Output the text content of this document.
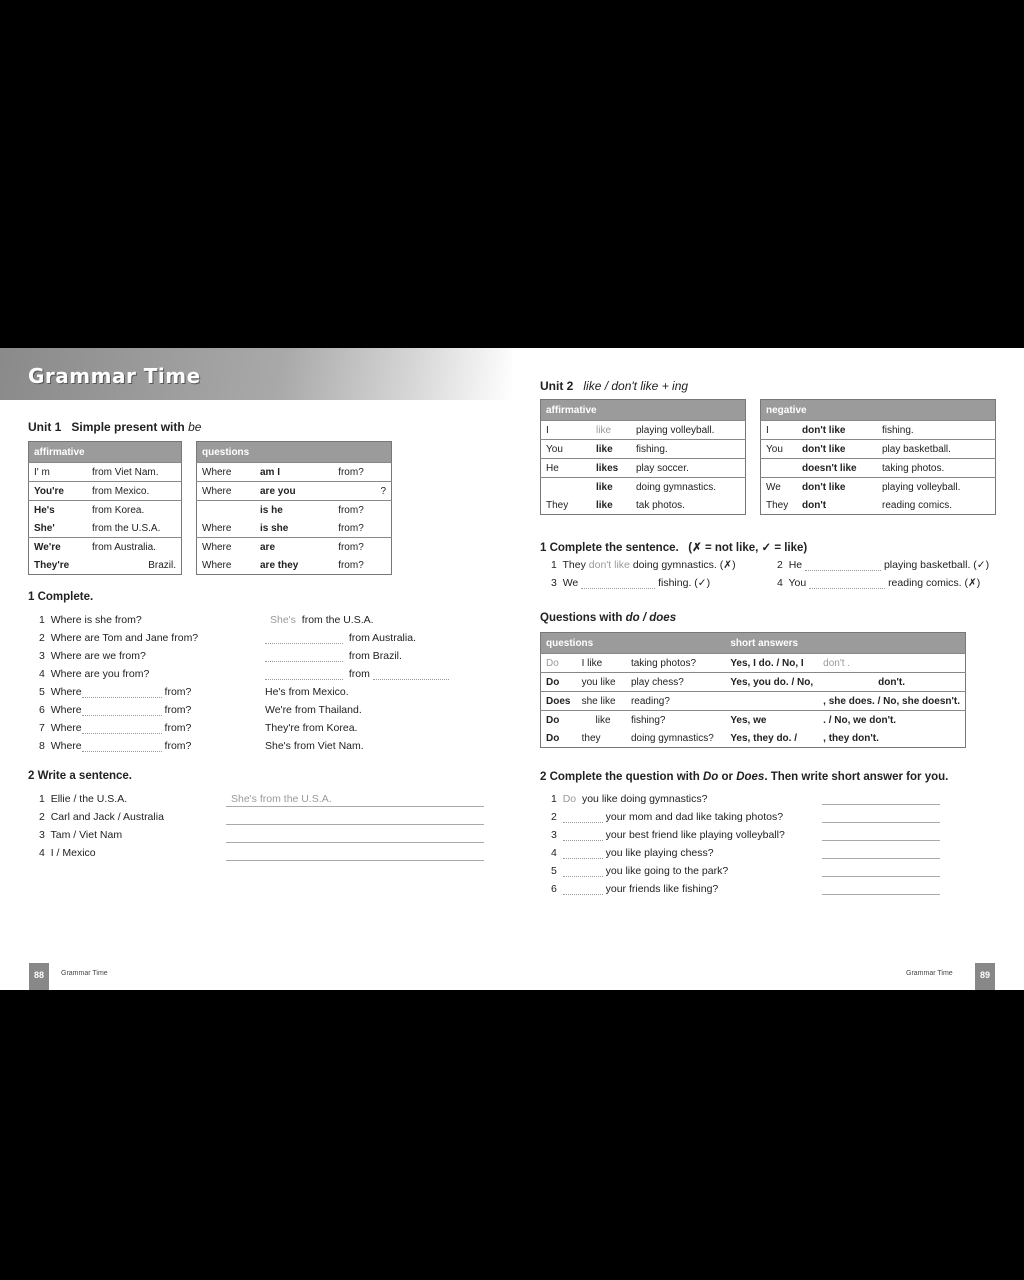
Grammar Time
Unit 1 Simple present with be
affirmative	
I' m	from Viet Nam.
You're	from Mexico.
He's	from Korea.
She'	from the U.S.A.
We're	from Australia.
They're	Brazil.
questions		
Where	am I	from?
Where	are you	?
	is he	from?
Where	is she	from?
Where	are	from?
Where	are they	from?
1 Complete.
1 Where is she from?	She's from the U.S.A.
2 Where are Tom and Jane from?	from Australia.
3 Where are we from?	from Brazil.
4 Where are you from?	from
5 Where	from?	He's from Mexico.
6 Where	from?	We're from Thailand.
7 Where	from?	They're from Korea.
8 Where	from?	She's from Viet Nam.
2 Write a sentence.
1 Ellie / the U.S.A.	She's from the U.S.A.
2 Carl and Jack / Australia
3 Tam / Viet Nam
4 I / Mexico
88	Grammar Time
Unit 2 like / don't like + ing
affirmative		
I	like	playing volleyball.
You	like	fishing.
He	likes	play soccer.
	like	doing gymnastics.
They	like	tak photos.
negative		
I	don't like	fishing.
You	don't like	play basketball.
	doesn't like	taking photos.
We	don't like	playing volleyball.
They	don't	reading comics.
1 Complete the sentence. (✗ = not like, ✓ = like)
1 They don't like doing gymnastics. (✗)	2 He	playing basketball. (✓)
3 We	fishing. (✓)	4 You	reading comics. (✗)
Questions with do / does
questions			short answers	
Do	I like	taking photos?	Yes, I do. / No, I	don't .
Do	you like	play chess?	Yes, you do. / No,	don't.
Does	she like	reading?		, she does. / No, she doesn't.
Do	like	fishing?	Yes, we	. / No, we don't.
Do	they	doing gymnastics?	Yes, they do. /	, they don't.
2 Complete the question with Do or Does. Then write short answer for you.
1 Do you like doing gymnastics?
2	your mom and dad like taking photos?
3	your best friend like playing volleyball?
4	you like playing chess?
5	you like going to the park?
6	your friends like fishing?
Grammar Time	89
